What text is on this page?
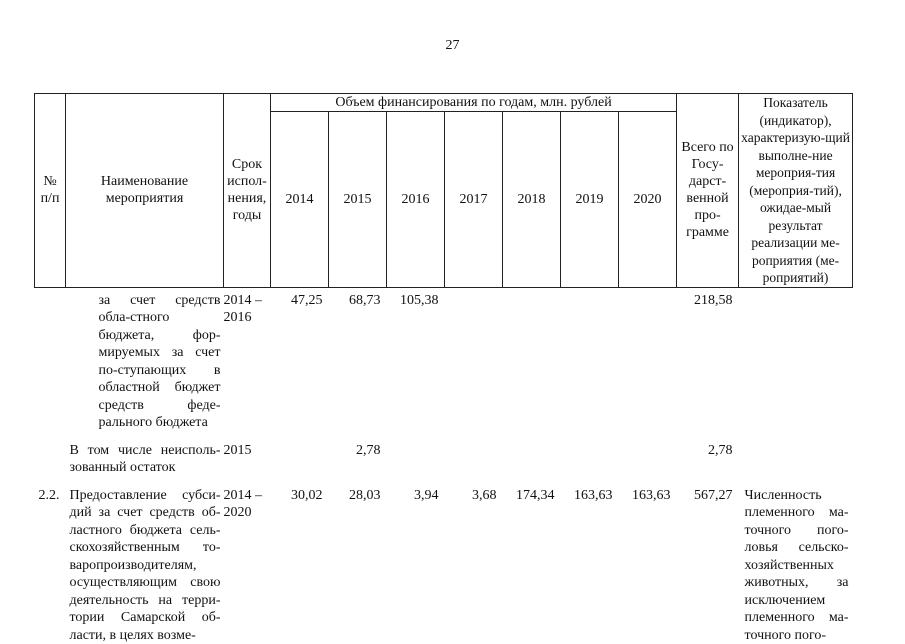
27
№ п/п	Наименование мероприятия	Срок испол-нения, годы	Объем финансирования по годам, млн. рублей							Всего по Госу-дарст-венной про-грамме	Показатель (индикатор), характеризую-щий выполне-ние мероприя-тия (мероприя-тий), ожидае-мый результат реализации ме-роприятия (ме-роприятий)
			2014	2015	2016	2017	2018	2019	2020		
	за счет средств обла-стного бюджета, фор-мируемых за счет по-ступающих в областной бюджет средств феде-рального бюджета	2014 – 2016	47,25	68,73	105,38					218,58	

	В том числе неисполь-зованный остаток	2015		2,78						2,78	

2.2.	Предоставление субси-дий за счет средств об-ластного бюджета сель-скохозяйственным то-варопроизводителям, осуществляющим свою деятельность на терри-тории Самарской об-ласти, в целях возме-	2014 – 2020	30,02	28,03	3,94	3,68	174,34	163,63	163,63	567,27	Численность племенного ма-точного пого-ловья сельско-хозяйственных животных, за исключением племенного ма-точного пого-
